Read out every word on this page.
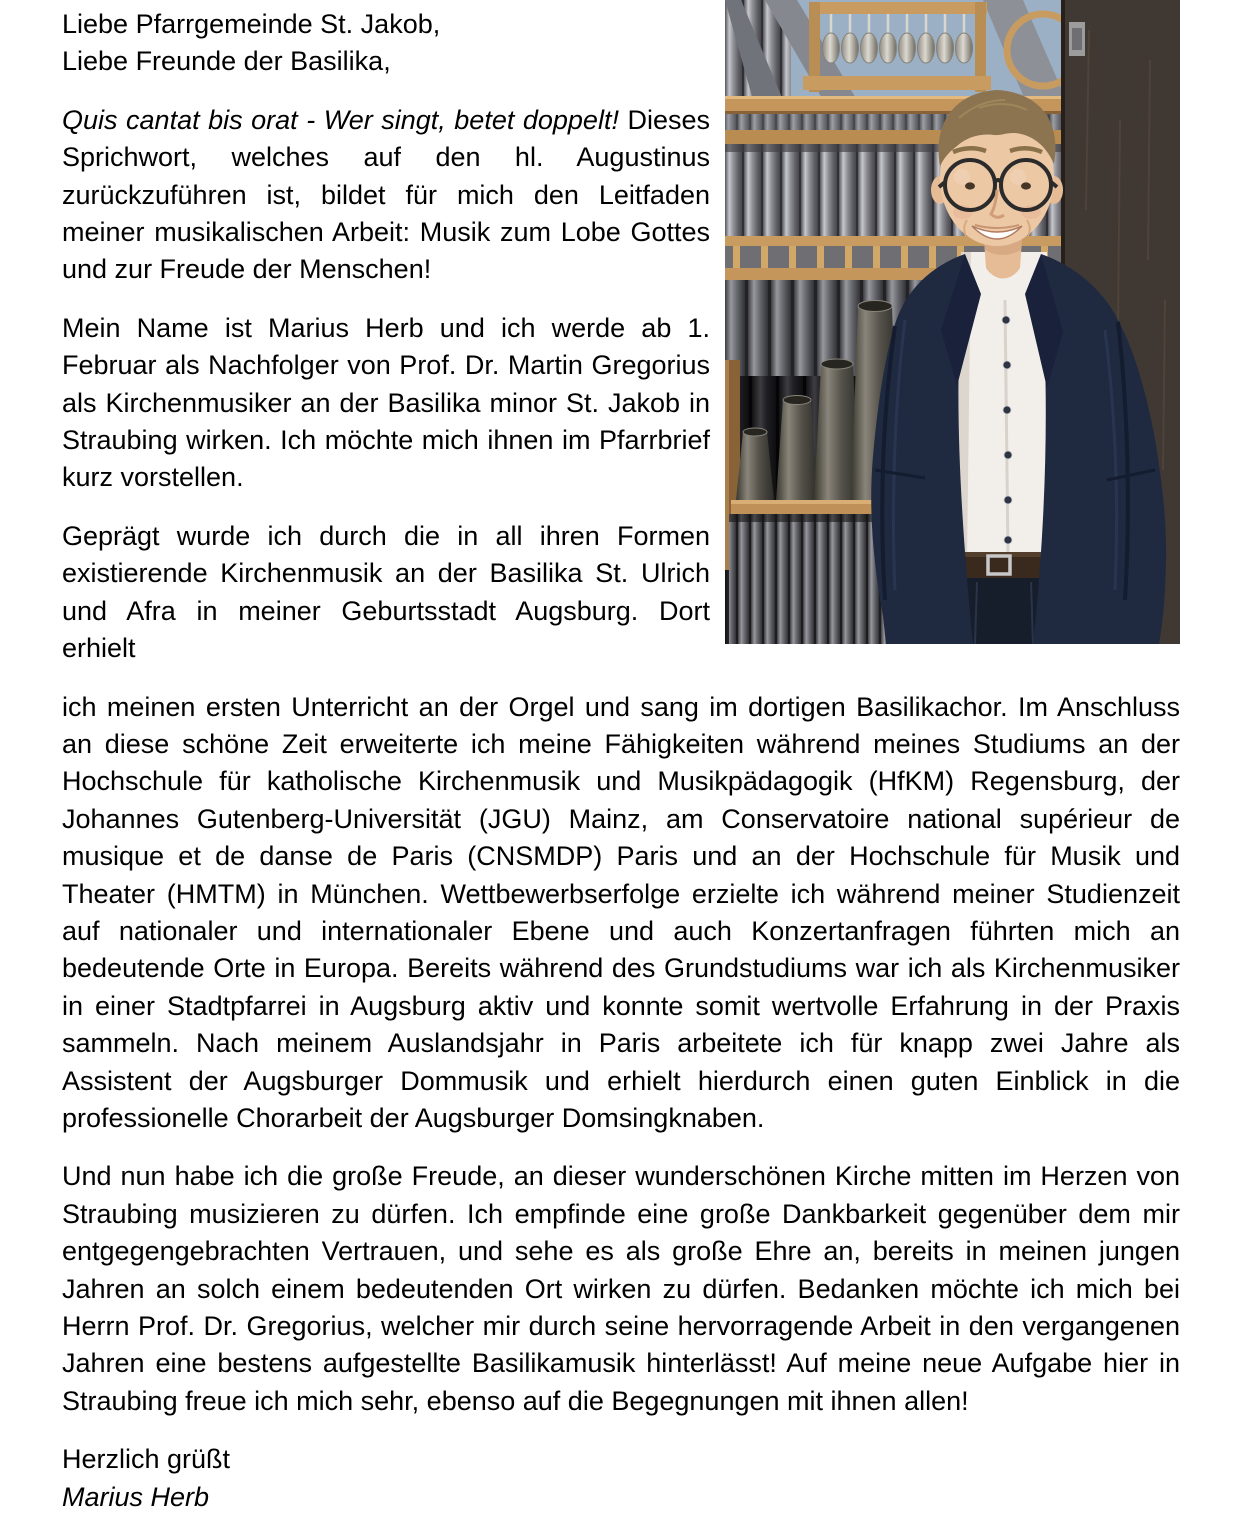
Liebe Pfarrgemeinde St. Jakob,
Liebe Freunde der Basilika,

Quis cantat bis orat - Wer singt, betet doppelt! Dieses Sprichwort, welches auf den hl. Augustinus zurückzuführen ist, bildet für mich den Leitfaden meiner musikalischen Arbeit: Musik zum Lobe Gottes und zur Freude der Menschen!

Mein Name ist Marius Herb und ich werde ab 1. Februar als Nachfolger von Prof. Dr. Martin Gregorius als Kirchenmusiker an der Basilika minor St. Jakob in Straubing wirken. Ich möchte mich ihnen im Pfarrbrief kurz vorstellen.

Geprägt wurde ich durch die in all ihren Formen existierende Kirchenmusik an der Basilika St. Ulrich und Afra in meiner Geburtsstadt Augsburg. Dort erhielt

ich meinen ersten Unterricht an der Orgel und sang im dortigen Basilikachor. Im Anschluss an diese schöne Zeit erweiterte ich meine Fähigkeiten während meines Studiums an der Hochschule für katholische Kirchenmusik und Musikpädagogik (HfKM) Regensburg, der Johannes Gutenberg-Universität (JGU) Mainz, am Conservatoire national supérieur de musique et de danse de Paris (CNSMDP) Paris und an der Hochschule für Musik und Theater (HMTM) in München. Wettbewerbserfolge erzielte ich während meiner Studienzeit auf nationaler und internationaler Ebene und auch Konzertanfragen führten mich an bedeutende Orte in Europa. Bereits während des Grundstudiums war ich als Kirchenmusiker in einer Stadtpfarrei in Augsburg aktiv und konnte somit wertvolle Erfahrung in der Praxis sammeln. Nach meinem Auslandsjahr in Paris arbeitete ich für knapp zwei Jahre als Assistent der Augsburger Dommusik und erhielt hierdurch einen guten Einblick in die professionelle Chorarbeit der Augsburger Domsingknaben.

Und nun habe ich die große Freude, an dieser wunderschönen Kirche mitten im Herzen von Straubing musizieren zu dürfen. Ich empfinde eine große Dankbarkeit gegenüber dem mir entgegengebrachten Vertrauen, und sehe es als große Ehre an, bereits in meinen jungen Jahren an solch einem bedeutenden Ort wirken zu dürfen. Bedanken möchte ich mich bei Herrn Prof. Dr. Gregorius, welcher mir durch seine hervorragende Arbeit in den vergangenen Jahren eine bestens aufgestellte Basilikamusik hinterlässt! Auf meine neue Aufgabe hier in Straubing freue ich mich sehr, ebenso auf die Begegnungen mit ihnen allen!

Herzlich grüßt
Marius Herb
